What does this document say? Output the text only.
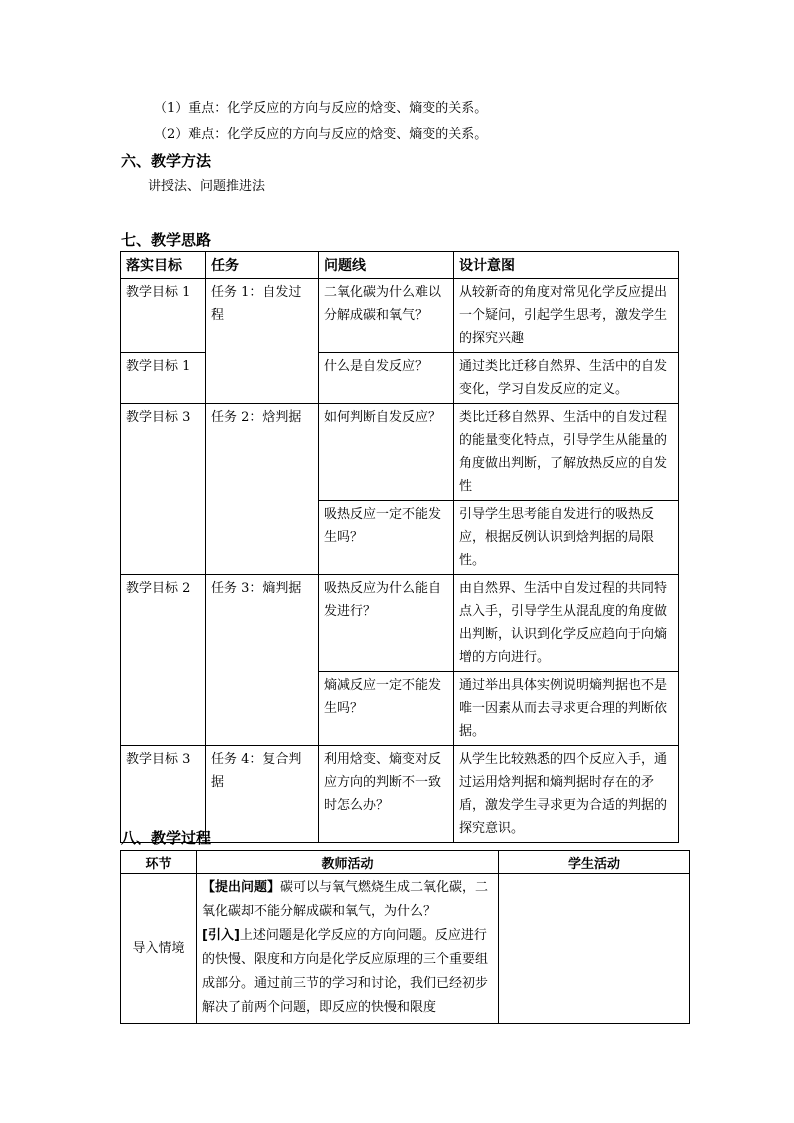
（1）重点：化学反应的方向与反应的焓变、熵变的关系。
（2）难点：化学反应的方向与反应的焓变、熵变的关系。
六、教学方法
讲授法、问题推进法
七、教学思路
落实目标	任务	问题线	设计意图
教学目标 1	任务 1：自发过程	二氧化碳为什么难以分解成碳和氧气？	从较新奇的角度对常见化学反应提出一个疑问，引起学生思考，激发学生的探究兴趣
教学目标 1		什么是自发反应？	通过类比迁移自然界、生活中的自发变化，学习自发反应的定义。
教学目标 3	任务 2：焓判据	如何判断自发反应？	类比迁移自然界、生活中的自发过程的能量变化特点，引导学生从能量的角度做出判断，了解放热反应的自发性
		吸热反应一定不能发生吗？	引导学生思考能自发进行的吸热反应，根据反例认识到焓判据的局限性。
教学目标 2	任务 3：熵判据	吸热反应为什么能自发进行？	由自然界、生活中自发过程的共同特点入手，引导学生从混乱度的角度做出判断，认识到化学反应趋向于向熵增的方向进行。
		熵减反应一定不能发生吗？	通过举出具体实例说明熵判据也不是唯一因素从而去寻求更合理的判断依据。
教学目标 3	任务 4：复合判据	利用焓变、熵变对反应方向的判断不一致时怎么办？	从学生比较熟悉的四个反应入手，通过运用焓判据和熵判据时存在的矛盾，激发学生寻求更为合适的判据的探究意识。
八、教学过程
环节	教师活动	学生活动
导入情境	【提出问题】碳可以与氧气燃烧生成二氧化碳，二氧化碳却不能分解成碳和氧气，为什么？
[引入]上述问题是化学反应的方向问题。反应进行的快慢、限度和方向是化学反应原理的三个重要组成部分。通过前三节的学习和讨论，我们已经初步解决了前两个问题，即反应的快慢和限度	
